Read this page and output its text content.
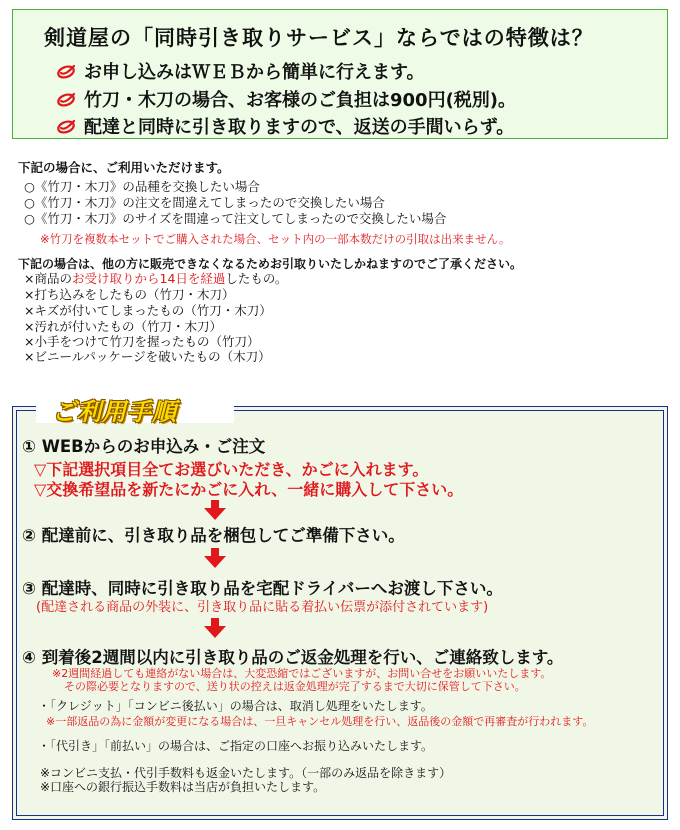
剣道屋の「同時引き取りサービス」ならではの特徴は？
お申し込みはＷＥＢから簡単に行えます。
竹刀・木刀の場合、お客様のご負担は900円(税別)。
配達と同時に引き取りますので、返送の手間いらず。
下記の場合に、ご利用いただけます。
○《竹刀・木刀》の品種を交換したい場合
○《竹刀・木刀》の注文を間違えてしまったので交換したい場合
○《竹刀・木刀》のサイズを間違って注文してしまったので交換したい場合
※竹刀を複数本セットでご購入された場合、セット内の一部本数だけの引取は出来ません。
下記の場合は、他の方に販売できなくなるためお引取りいたしかねますのでご了承ください。
×商品のお受け取りから14日を経過したもの。
×打ち込みをしたもの（竹刀・木刀）
×キズが付いてしまったもの（竹刀・木刀）
×汚れが付いたもの（竹刀・木刀）
×小手をつけて竹刀を握ったもの（竹刀）
×ビニールパッケージを破いたもの（木刀）
ご利用手順
① WEBからのお申込み・ご注文
▽下記選択項目全てお選びいただき、かごに入れます。
▽交換希望品を新たにかごに入れ、一緒に購入して下さい。
② 配達前に、引き取り品を梱包してご準備下さい。
③ 配達時、同時に引き取り品を宅配ドライバーへお渡し下さい。
(配達される商品の外装に、引き取り品に貼る着払い伝票が添付されています)
④ 到着後2週間以内に引き取り品のご返金処理を行い、ご連絡致します。
※2週間経過しても連絡がない場合は、大変恐縮ではございますが、お問い合せをお願いいたします。
その際必要となりますので、送り状の控えは返金処理が完了するまで大切に保管して下さい。
・「クレジット」「コンビニ後払い」の場合は、取消し処理をいたします。
※一部返品の為に金額が変更になる場合は、一旦キャンセル処理を行い、返品後の金額で再審査が行われます。
・「代引き」「前払い」の場合は、ご指定の口座へお振り込みいたします。
※コンビニ支払・代引手数料も返金いたします。（一部のみ返品を除きます）
※口座への銀行振込手数料は当店が負担いたします。
